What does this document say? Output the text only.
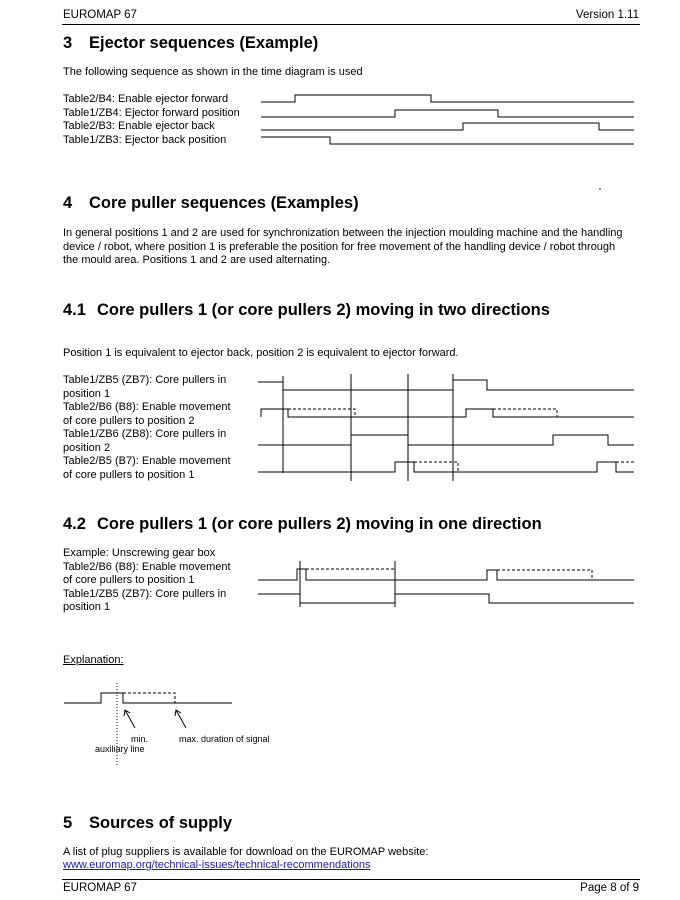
EUROMAP 67	Version 1.11
3 Ejector sequences (Example)
The following sequence as shown in the time diagram is used
Table2/B4: Enable ejector forward
Table1/ZB4: Ejector forward position
Table2/B3: Enable ejector back
Table1/ZB3: Ejector back position
4 Core puller sequences (Examples)
In general positions 1 and 2 are used for synchronization between the injection moulding machine and the handling device / robot, where position 1 is preferable the position for free movement of the handling device / robot through the mould area. Positions 1 and 2 are used alternating.
4.1 Core pullers 1 (or core pullers 2) moving in two directions
Position 1 is equivalent to ejector back, position 2 is equivalent to ejector forward.
Table1/ZB5 (ZB7): Core pullers in
position 1
Table2/B6 (B8): Enable movement
of core pullers to position 2
Table1/ZB6 (ZB8): Core pullers in
position 2
Table2/B5 (B7): Enable movement
of core pullers to position 1
4.2 Core pullers 1 (or core pullers 2) moving in one direction
Example: Unscrewing gear box
Table2/B6 (B8): Enable movement
of core pullers to position 1
Table1/ZB5 (ZB7): Core pullers in
position 1
Explanation:
min.
auxiliary line
max. duration of signal
5 Sources of supply
A list of plug suppliers is available for download on the EUROMAP website:
www.euromap.org/technical-issues/technical-recommendations
EUROMAP 67	Page 8 of 9
